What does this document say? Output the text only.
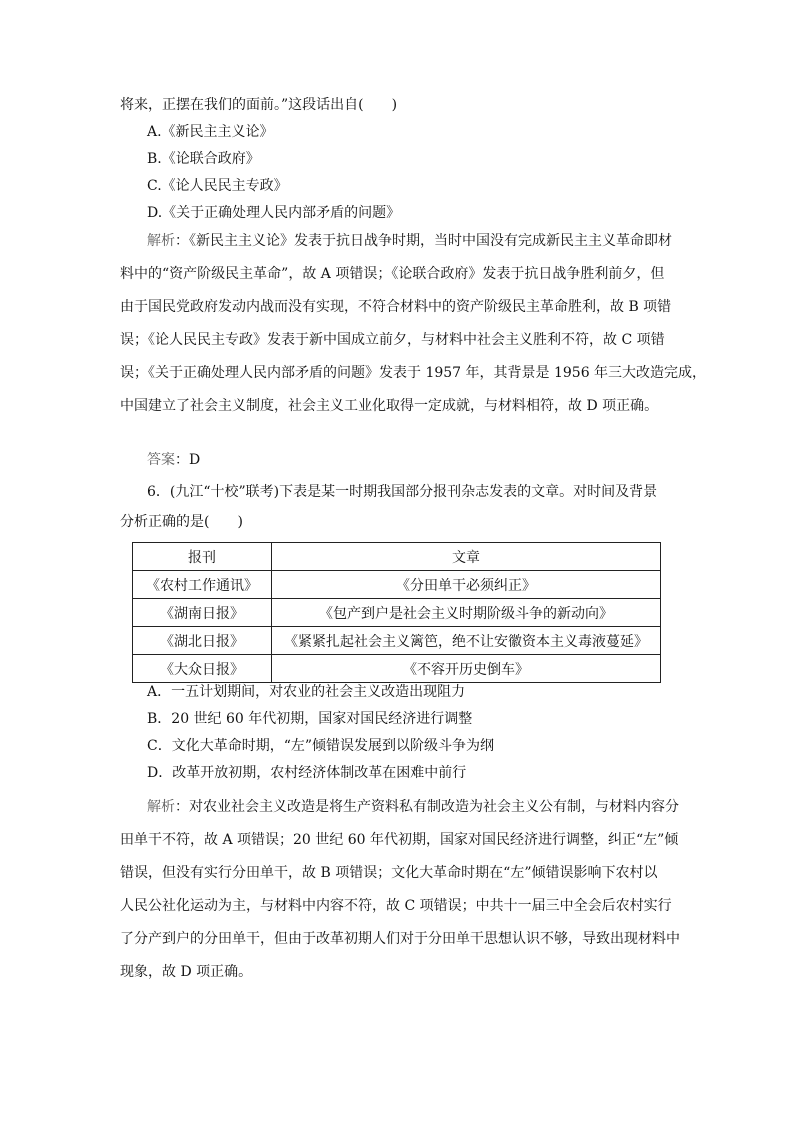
将来，正摆在我们的面前。”这段话出自(　　)
A.《新民主主义论》
B.《论联合政府》
C.《论人民民主专政》
D.《关于正确处理人民内部矛盾的问题》
解析：《新民主主义论》发表于抗日战争时期，当时中国没有完成新民主主义革命即材
料中的“资产阶级民主革命”，故 A 项错误；《论联合政府》发表于抗日战争胜利前夕，但
由于国民党政府发动内战而没有实现，不符合材料中的资产阶级民主革命胜利，故 B 项错
误；《论人民民主专政》发表于新中国成立前夕，与材料中社会主义胜利不符，故 C 项错
误；《关于正确处理人民内部矛盾的问题》发表于 1957 年，其背景是 1956 年三大改造完成，
中国建立了社会主义制度，社会主义工业化取得一定成就，与材料相符，故 D 项正确。
答案：D
6．(九江“十校”联考)下表是某一时期我国部分报刊杂志发表的文章。对时间及背景
分析正确的是(　　)
报刊	文章
《农村工作通讯》	《分田单干必须纠正》
《湖南日报》	《包产到户是社会主义时期阶级斗争的新动向》
《湖北日报》	《紧紧扎起社会主义篱笆，绝不让安徽资本主义毒液蔓延》
《大众日报》	《不容开历史倒车》
A．一五计划期间，对农业的社会主义改造出现阻力
B．20 世纪 60 年代初期，国家对国民经济进行调整
C．文化大革命时期，“左”倾错误发展到以阶级斗争为纲
D．改革开放初期，农村经济体制改革在困难中前行
解析：对农业社会主义改造是将生产资料私有制改造为社会主义公有制，与材料内容分
田单干不符，故 A 项错误；20 世纪 60 年代初期，国家对国民经济进行调整，纠正“左”倾
错误，但没有实行分田单干，故 B 项错误；文化大革命时期在“左”倾错误影响下农村以
人民公社化运动为主，与材料中内容不符，故 C 项错误；中共十一届三中全会后农村实行
了分产到户的分田单干，但由于改革初期人们对于分田单干思想认识不够，导致出现材料中
现象，故 D 项正确。
